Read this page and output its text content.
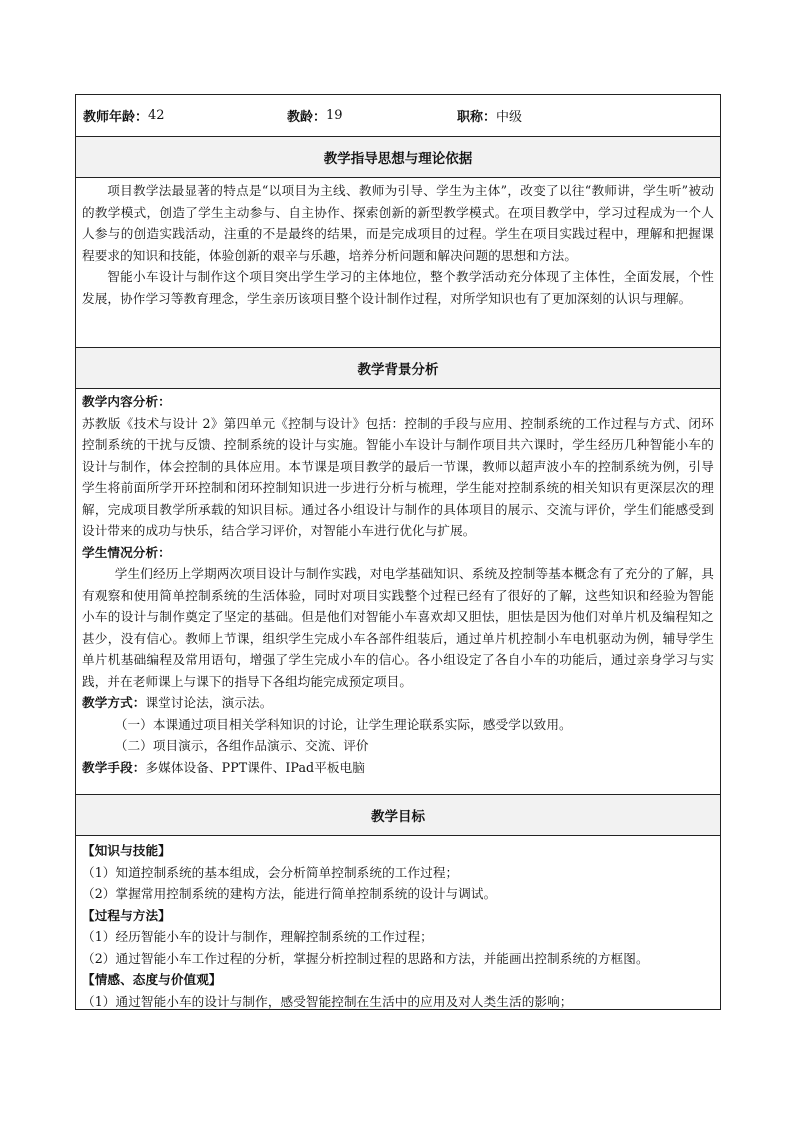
教师年龄： 42	教龄： 19	职称： 中级
教学指导思想与理论依据

项目教学法最显著的特点是“以项目为主线、教师为引导、学生为主体”，改变了以往“教师讲，学生听”被动的教学模式，创造了学生主动参与、自主协作、探索创新的新型教学模式。在项目教学中，学习过程成为一个人人参与的创造实践活动，注重的不是最终的结果，而是完成项目的过程。学生在项目实践过程中，理解和把握课程要求的知识和技能，体验创新的艰辛与乐趣，培养分析问题和解决问题的思想和方法。

智能小车设计与制作这个项目突出学生学习的主体地位，整个教学活动充分体现了主体性，全面发展，个性发展，协作学习等教育理念，学生亲历该项目整个设计制作过程，对所学知识也有了更加深刻的认识与理解。

教学背景分析

教学内容分析：

苏教版《技术与设计 2》第四单元《控制与设计》包括：控制的手段与应用、控制系统的工作过程与方式、闭环控制系统的干扰与反馈、控制系统的设计与实施。智能小车设计与制作项目共六课时，学生经历几种智能小车的设计与制作，体会控制的具体应用。本节课是项目教学的最后一节课，教师以超声波小车的控制系统为例，引导学生将前面所学开环控制和闭环控制知识进一步进行分析与梳理，学生能对控制系统的相关知识有更深层次的理解，完成项目教学所承载的知识目标。通过各小组设计与制作的具体项目的展示、交流与评价，学生们能感受到设计带来的成功与快乐，结合学习评价，对智能小车进行优化与扩展。

学生情况分析：

学生们经历上学期两次项目设计与制作实践，对电学基础知识、系统及控制等基本概念有了充分的了解，具有观察和使用简单控制系统的生活体验，同时对项目实践整个过程已经有了很好的了解，这些知识和经验为智能小车的设计与制作奠定了坚定的基础。但是他们对智能小车喜欢却又胆怯，胆怯是因为他们对单片机及编程知之甚少，没有信心。教师上节课，组织学生完成小车各部件组装后，通过单片机控制小车电机驱动为例，辅导学生单片机基础编程及常用语句，增强了学生完成小车的信心。各小组设定了各自小车的功能后，通过亲身学习与实践，并在老师课上与课下的指导下各组均能完成预定项目。

教学方式：课堂讨论法，演示法。

（一）本课通过项目相关学科知识的讨论，让学生理论联系实际，感受学以致用。

（二）项目演示，各组作品演示、交流、评价

教学手段：多媒体设备、PPT课件、IPad平板电脑

教学目标

【知识与技能】

（1）知道控制系统的基本组成，会分析简单控制系统的工作过程；

（2）掌握常用控制系统的建构方法，能进行简单控制系统的设计与调试。

【过程与方法】

（1）经历智能小车的设计与制作，理解控制系统的工作过程；

（2）通过智能小车工作过程的分析，掌握分析控制过程的思路和方法，并能画出控制系统的方框图。

【情感、态度与价值观】

（1）通过智能小车的设计与制作，感受智能控制在生活中的应用及对人类生活的影响；
